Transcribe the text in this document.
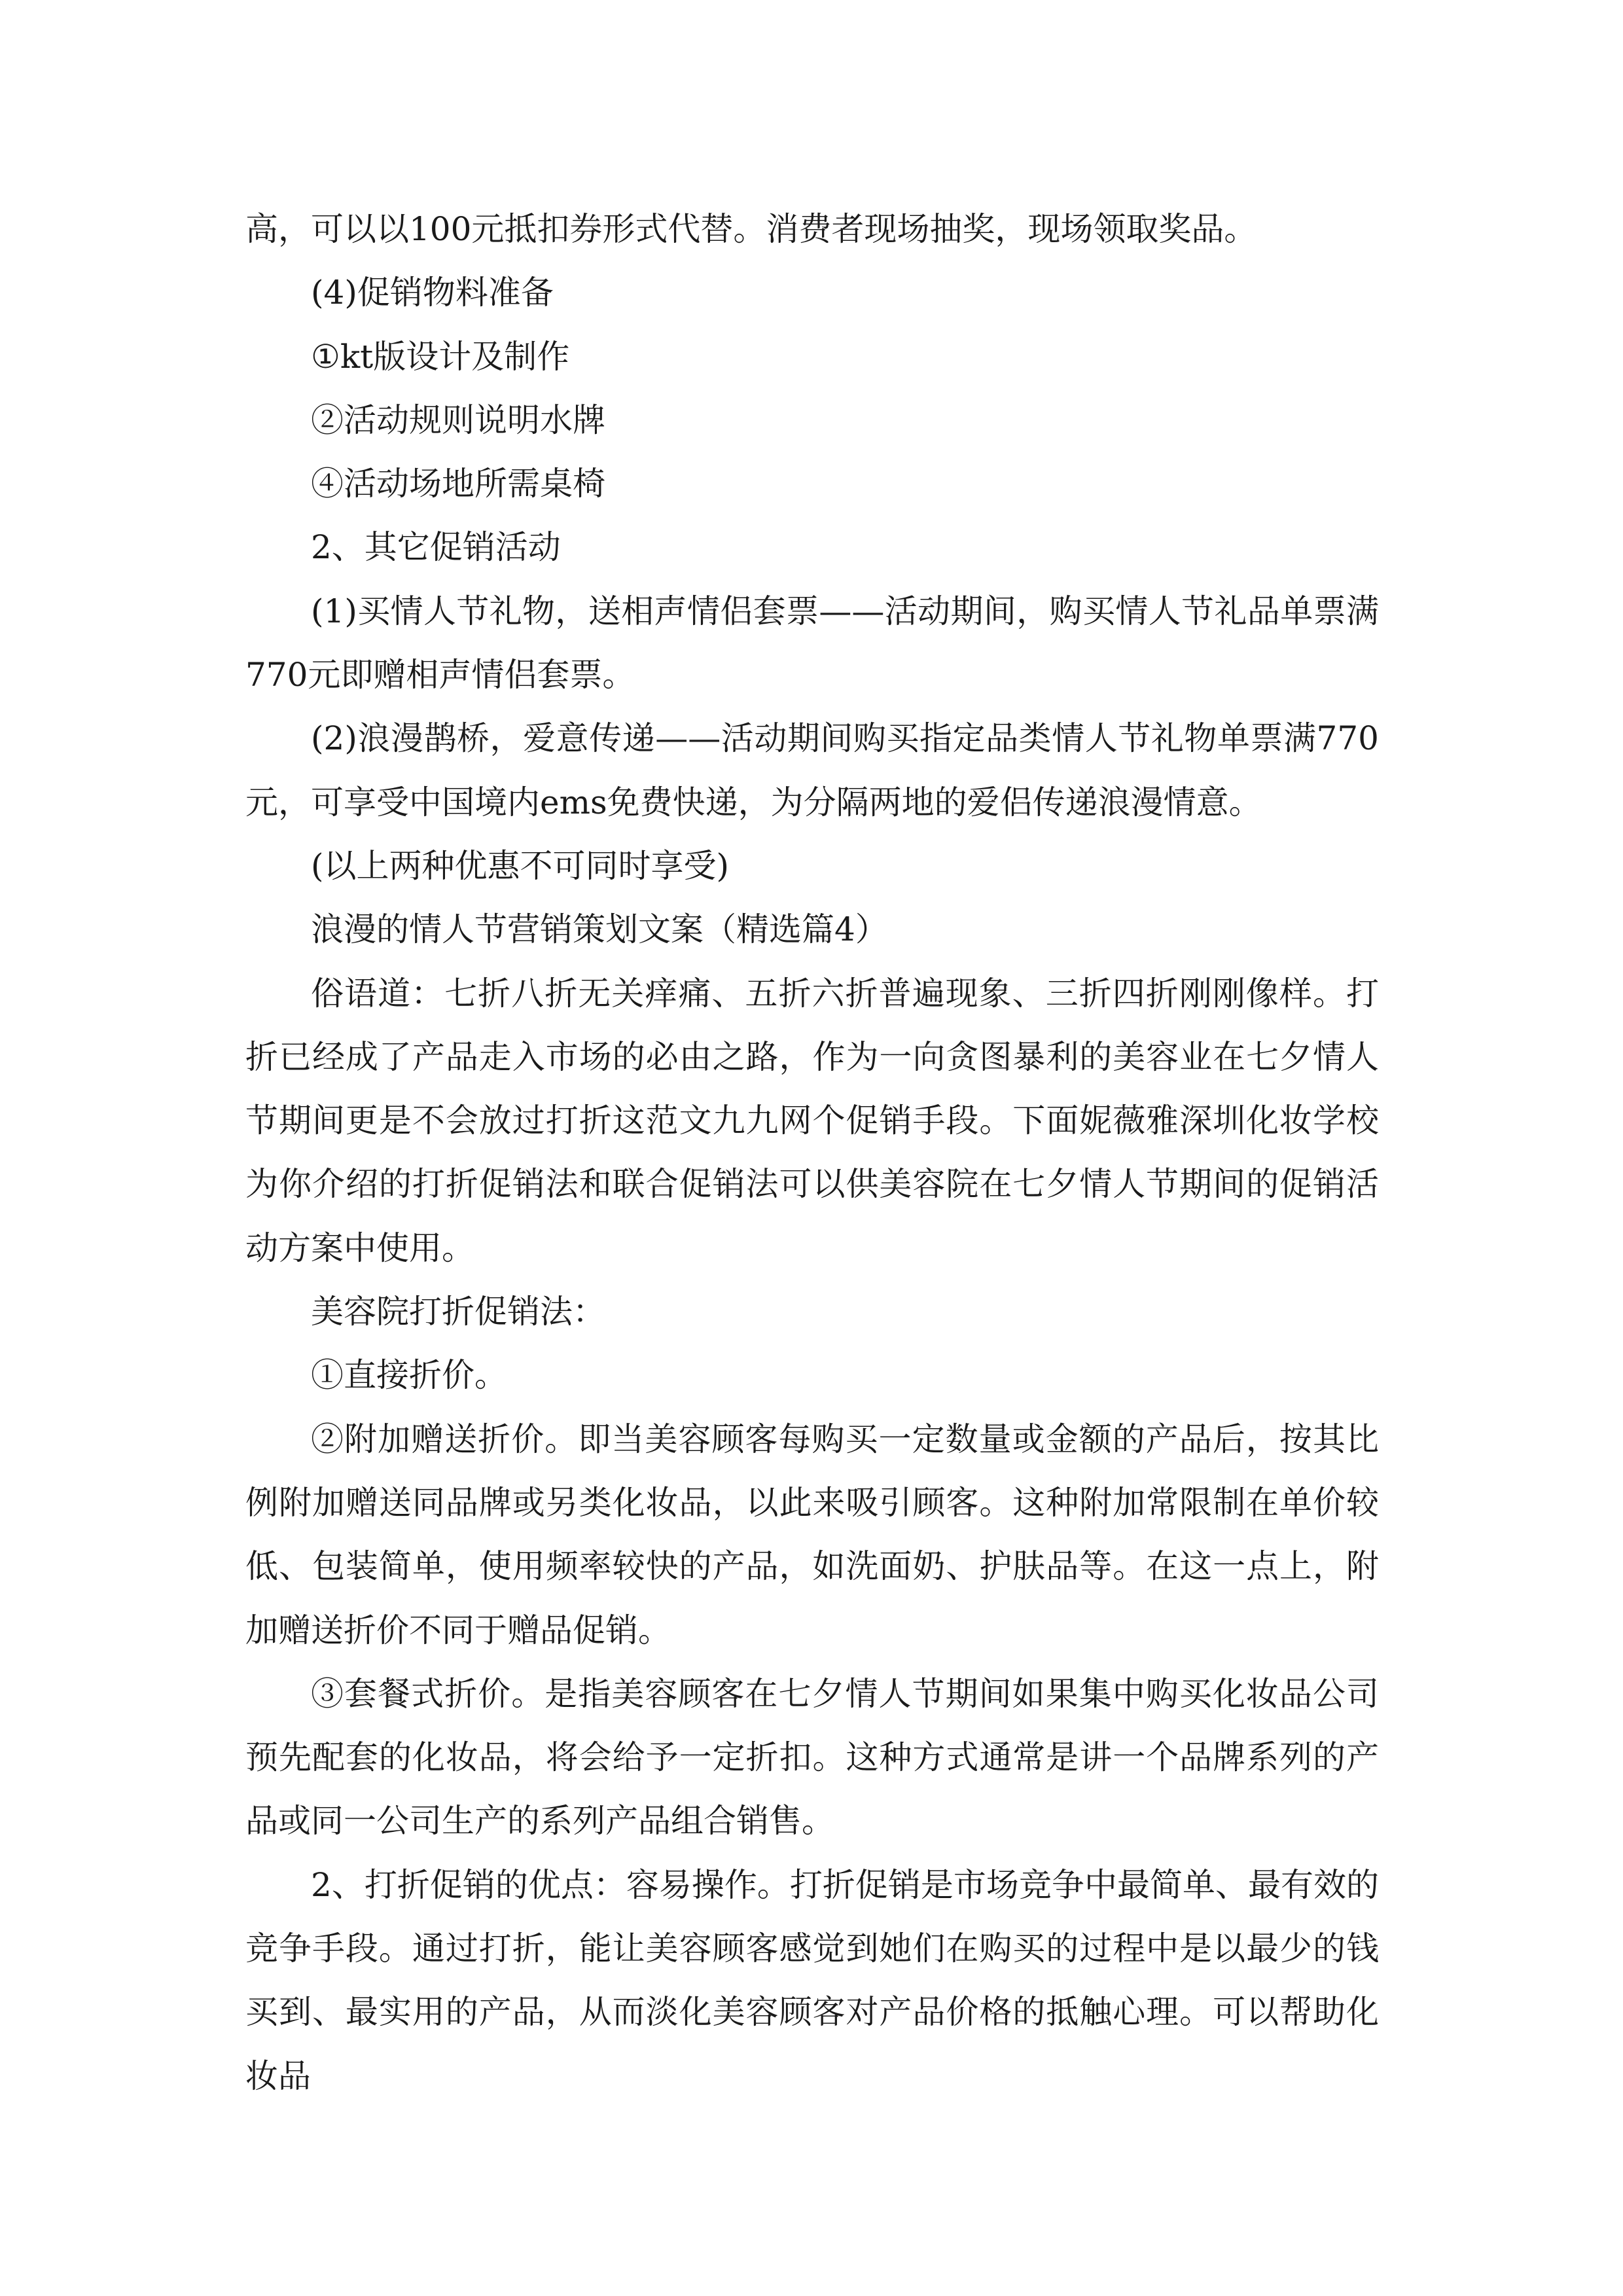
高，可以以100元抵扣券形式代替。消费者现场抽奖，现场领取奖品。

(4)促销物料准备

①kt版设计及制作

②活动规则说明水牌

④活动场地所需桌椅

2、其它促销活动

(1)买情人节礼物，送相声情侣套票——活动期间，购买情人节礼品单票满770元即赠相声情侣套票。

(2)浪漫鹊桥，爱意传递——活动期间购买指定品类情人节礼物单票满770元，可享受中国境内ems免费快递，为分隔两地的爱侣传递浪漫情意。

(以上两种优惠不可同时享受)

浪漫的情人节营销策划文案（精选篇4）

俗语道：七折八折无关痒痛、五折六折普遍现象、三折四折刚刚像样。打折已经成了产品走入市场的必由之路，作为一向贪图暴利的美容业在七夕情人节期间更是不会放过打折这范文九九网个促销手段。下面妮薇雅深圳化妆学校为你介绍的打折促销法和联合促销法可以供美容院在七夕情人节期间的促销活动方案中使用。

美容院打折促销法：

①直接折价。

②附加赠送折价。即当美容顾客每购买一定数量或金额的产品后，按其比例附加赠送同品牌或另类化妆品，以此来吸引顾客。这种附加常限制在单价较低、包装简单，使用频率较快的产品，如洗面奶、护肤品等。在这一点上，附加赠送折价不同于赠品促销。

③套餐式折价。是指美容顾客在七夕情人节期间如果集中购买化妆品公司预先配套的化妆品，将会给予一定折扣。这种方式通常是讲一个品牌系列的产品或同一公司生产的系列产品组合销售。

2、打折促销的优点：容易操作。打折促销是市场竞争中最简单、最有效的竞争手段。通过打折，能让美容顾客感觉到她们在购买的过程中是以最少的钱买到、最实用的产品，从而淡化美容顾客对产品价格的抵触心理。可以帮助化妆品
